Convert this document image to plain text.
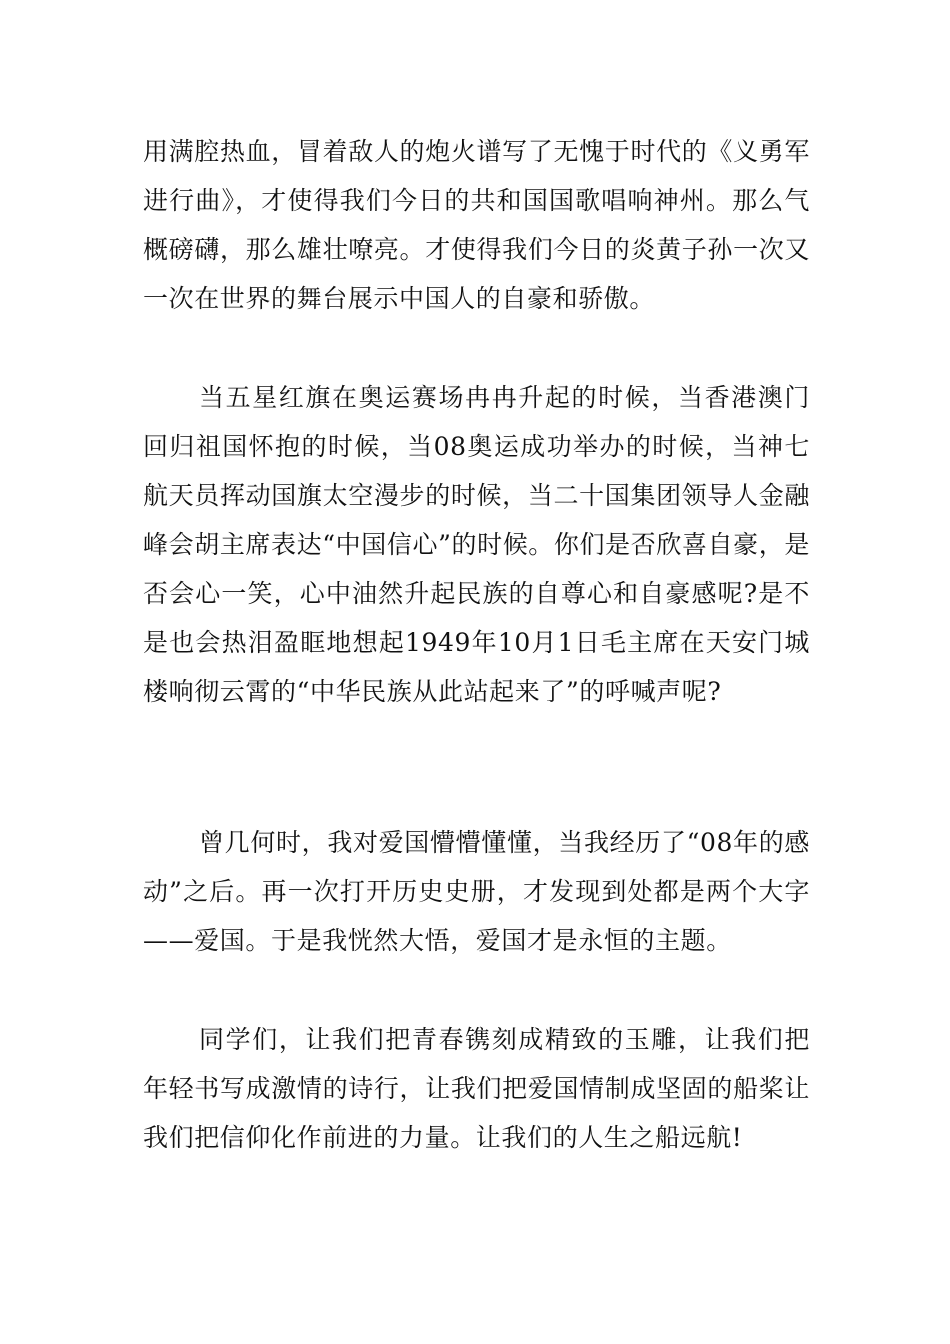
用满腔热血，冒着敌人的炮火谱写了无愧于时代的《义勇军进行曲》，才使得我们今日的共和国国歌唱响神州。那么气概磅礴，那么雄壮嘹亮。才使得我们今日的炎黄子孙一次又一次在世界的舞台展示中国人的自豪和骄傲。

当五星红旗在奥运赛场冉冉升起的时候，当香港澳门回归祖国怀抱的时候，当08奥运成功举办的时候，当神七航天员挥动国旗太空漫步的时候，当二十国集团领导人金融峰会胡主席表达“中国信心”的时候。你们是否欣喜自豪，是否会心一笑，心中油然升起民族的自尊心和自豪感呢?是不是也会热泪盈眶地想起1949年10月1日毛主席在天安门城楼响彻云霄的“中华民族从此站起来了”的呼喊声呢?

曾几何时，我对爱国懵懵懂懂，当我经历了“08年的感动”之后。再一次打开历史史册，才发现到处都是两个大字——爱国。于是我恍然大悟，爱国才是永恒的主题。

同学们，让我们把青春镌刻成精致的玉雕，让我们把年轻书写成激情的诗行，让我们把爱国情制成坚固的船桨让我们把信仰化作前进的力量。让我们的人生之船远航!
